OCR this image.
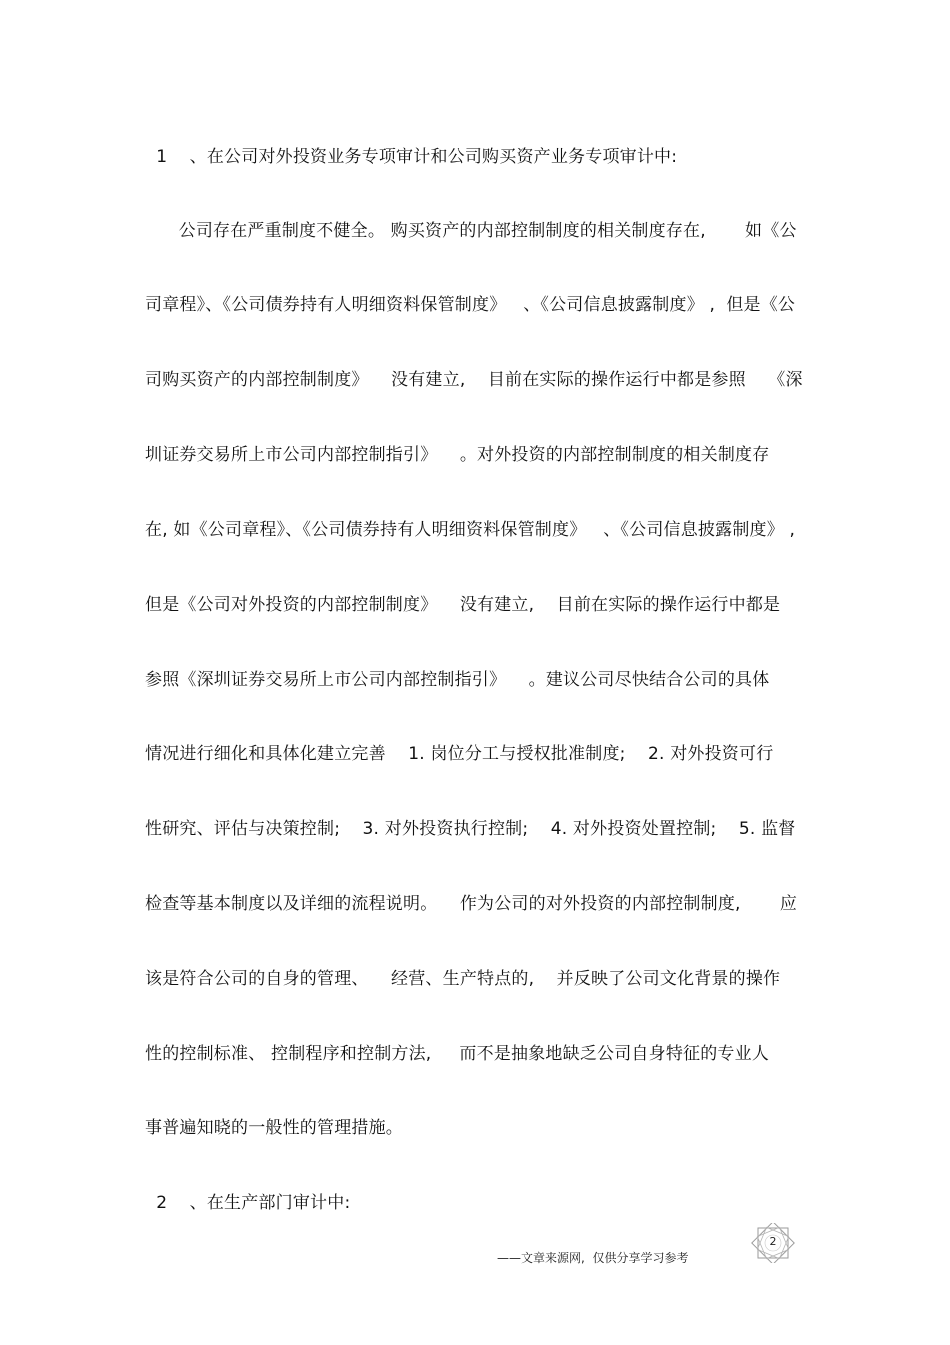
1    、在公司对外投资业务专项审计和公司购买资产业务专项审计中:
公司存在严重制度不健全。 购买资产的内部控制制度的相关制度存在,       如《公
司章程》、《公司债券持有人明细资料保管制度》   、《公司信息披露制度》 ,  但是《公
司购买资产的内部控制制度》    没有建立,    目前在实际的操作运行中都是参照    《深
圳证券交易所上市公司内部控制指引》    。对外投资的内部控制制度的相关制度存
在, 如《公司章程》、《公司债券持有人明细资料保管制度》   、《公司信息披露制度》 ,
但是《公司对外投资的内部控制制度》    没有建立,    目前在实际的操作运行中都是
参照《深圳证券交易所上市公司内部控制指引》    。建议公司尽快结合公司的具体
情况进行细化和具体化建立完善    1. 岗位分工与授权批准制度;    2. 对外投资可行
性研究、评估与决策控制;    3. 对外投资执行控制;    4. 对外投资处置控制;    5. 监督
检查等基本制度以及详细的流程说明。    作为公司的对外投资的内部控制制度,       应
该是符合公司的自身的管理、    经营、生产特点的,    并反映了公司文化背景的操作
性的控制标准、 控制程序和控制方法,     而不是抽象地缺乏公司自身特征的专业人
事普遍知晓的一般性的管理措施。
2    、在生产部门审计中:
——文章来源网,  仅供分享学习参考
2
